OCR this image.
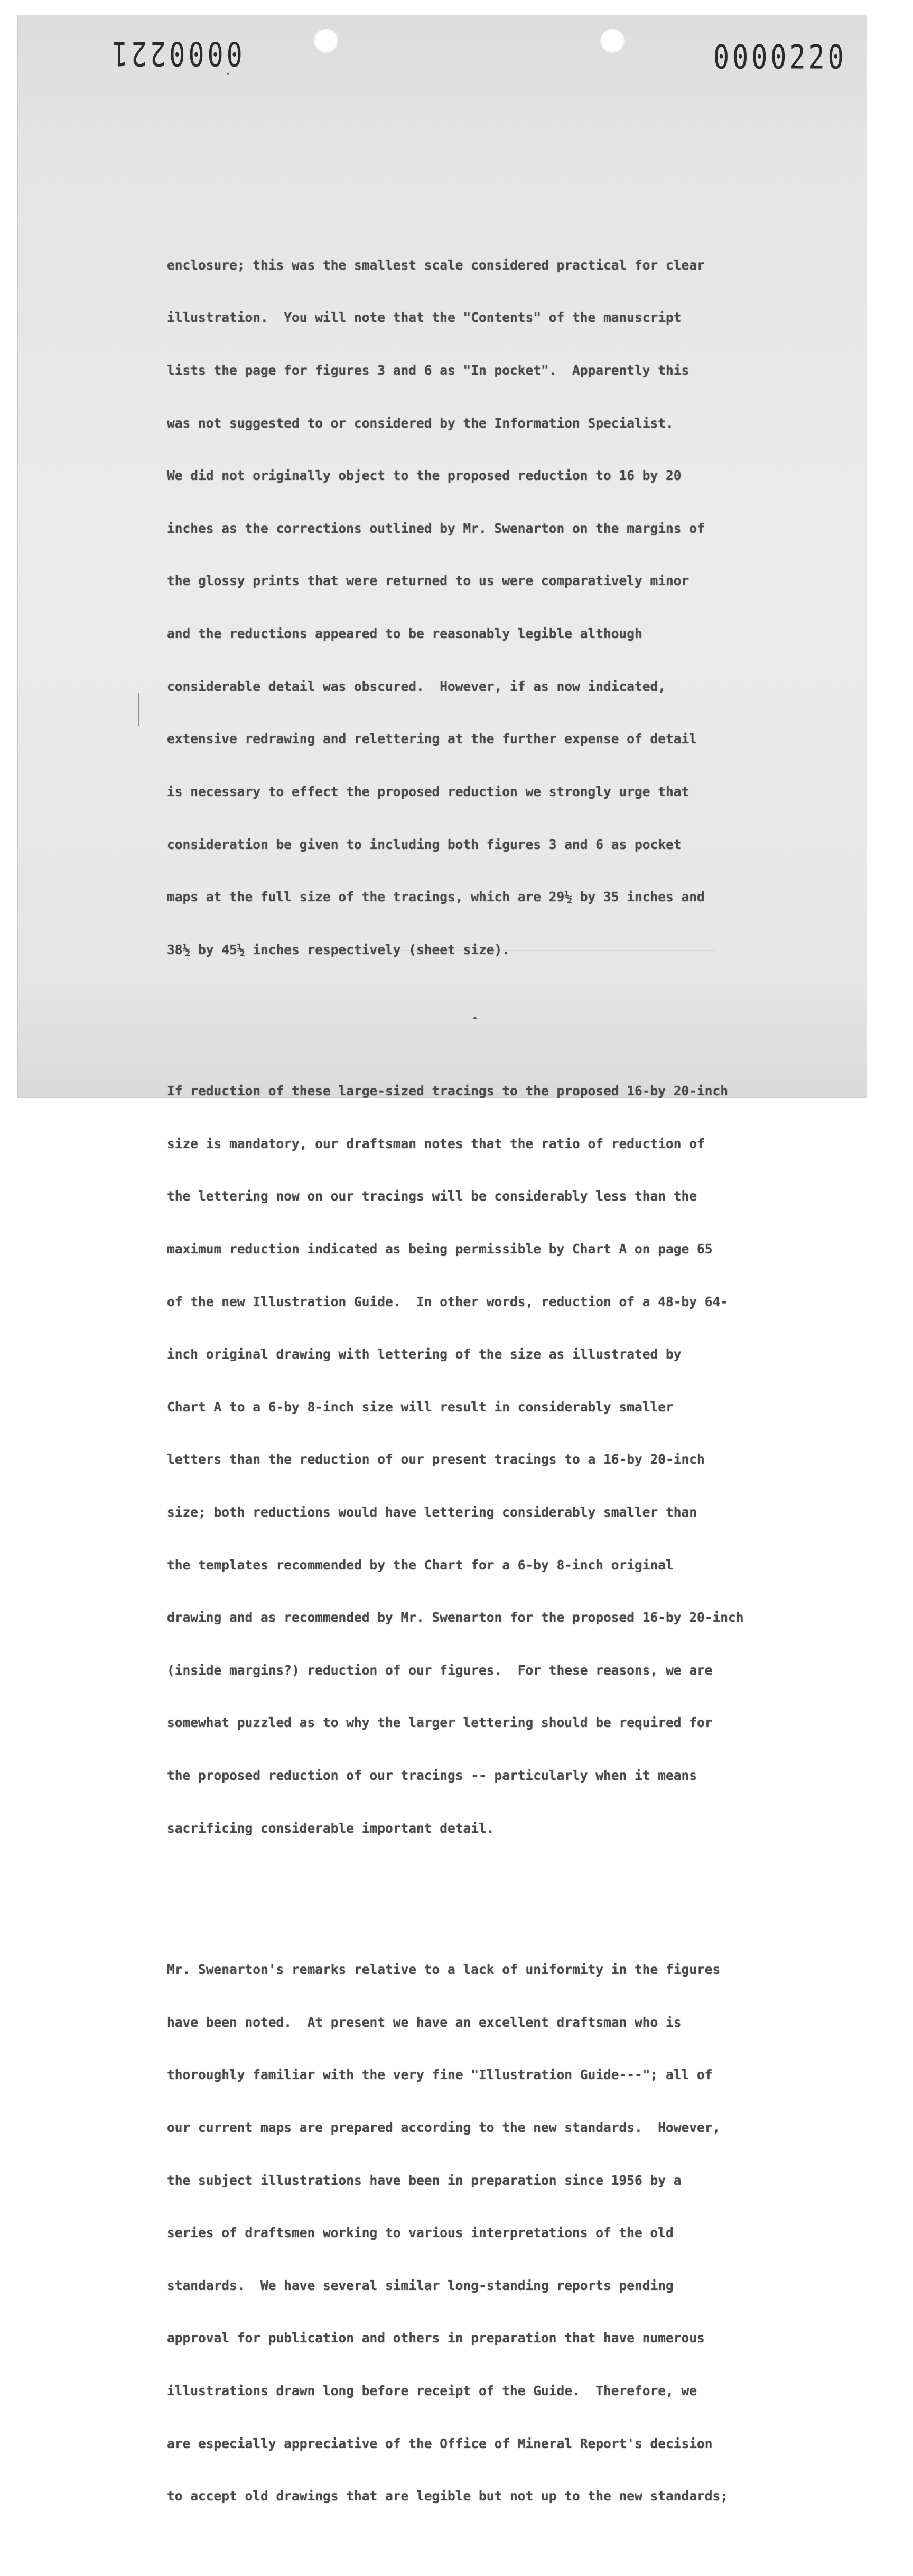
0000221	0000220

enclosure; this was the smallest scale considered practical for clear

illustration.  You will note that the "Contents" of the manuscript

lists the page for figures 3 and 6 as "In pocket".  Apparently this

was not suggested to or considered by the Information Specialist.

We did not originally object to the proposed reduction to 16 by 20

inches as the corrections outlined by Mr. Swenarton on the margins of

the glossy prints that were returned to us were comparatively minor

and the reductions appeared to be reasonably legible although

considerable detail was obscured.  However, if as now indicated,

extensive redrawing and relettering at the further expense of detail

is necessary to effect the proposed reduction we strongly urge that

consideration be given to including both figures 3 and 6 as pocket

maps at the full size of the tracings, which are 29½ by 35 inches and

38½ by 45½ inches respectively (sheet size).

If reduction of these large-sized tracings to the proposed 16-by 20-inch

size is mandatory, our draftsman notes that the ratio of reduction of

the lettering now on our tracings will be considerably less than the

maximum reduction indicated as being permissible by Chart A on page 65

of the new Illustration Guide.  In other words, reduction of a 48-by 64-

inch original drawing with lettering of the size as illustrated by

Chart A to a 6-by 8-inch size will result in considerably smaller

letters than the reduction of our present tracings to a 16-by 20-inch

size; both reductions would have lettering considerably smaller than

the templates recommended by the Chart for a 6-by 8-inch original

drawing and as recommended by Mr. Swenarton for the proposed 16-by 20-inch

(inside margins?) reduction of our figures.  For these reasons, we are

somewhat puzzled as to why the larger lettering should be required for

the proposed reduction of our tracings -- particularly when it means

sacrificing considerable important detail.

Mr. Swenarton's remarks relative to a lack of uniformity in the figures

have been noted.  At present we have an excellent draftsman who is

thoroughly familiar with the very fine "Illustration Guide---"; all of

our current maps are prepared according to the new standards.  However,

the subject illustrations have been in preparation since 1956 by a

series of draftsmen working to various interpretations of the old

standards.  We have several similar long-standing reports pending

approval for publication and others in preparation that have numerous

illustrations drawn long before receipt of the Guide.  Therefore, we

are especially appreciative of the Office of Mineral Report's decision

to accept old drawings that are legible but not up to the new standards;
